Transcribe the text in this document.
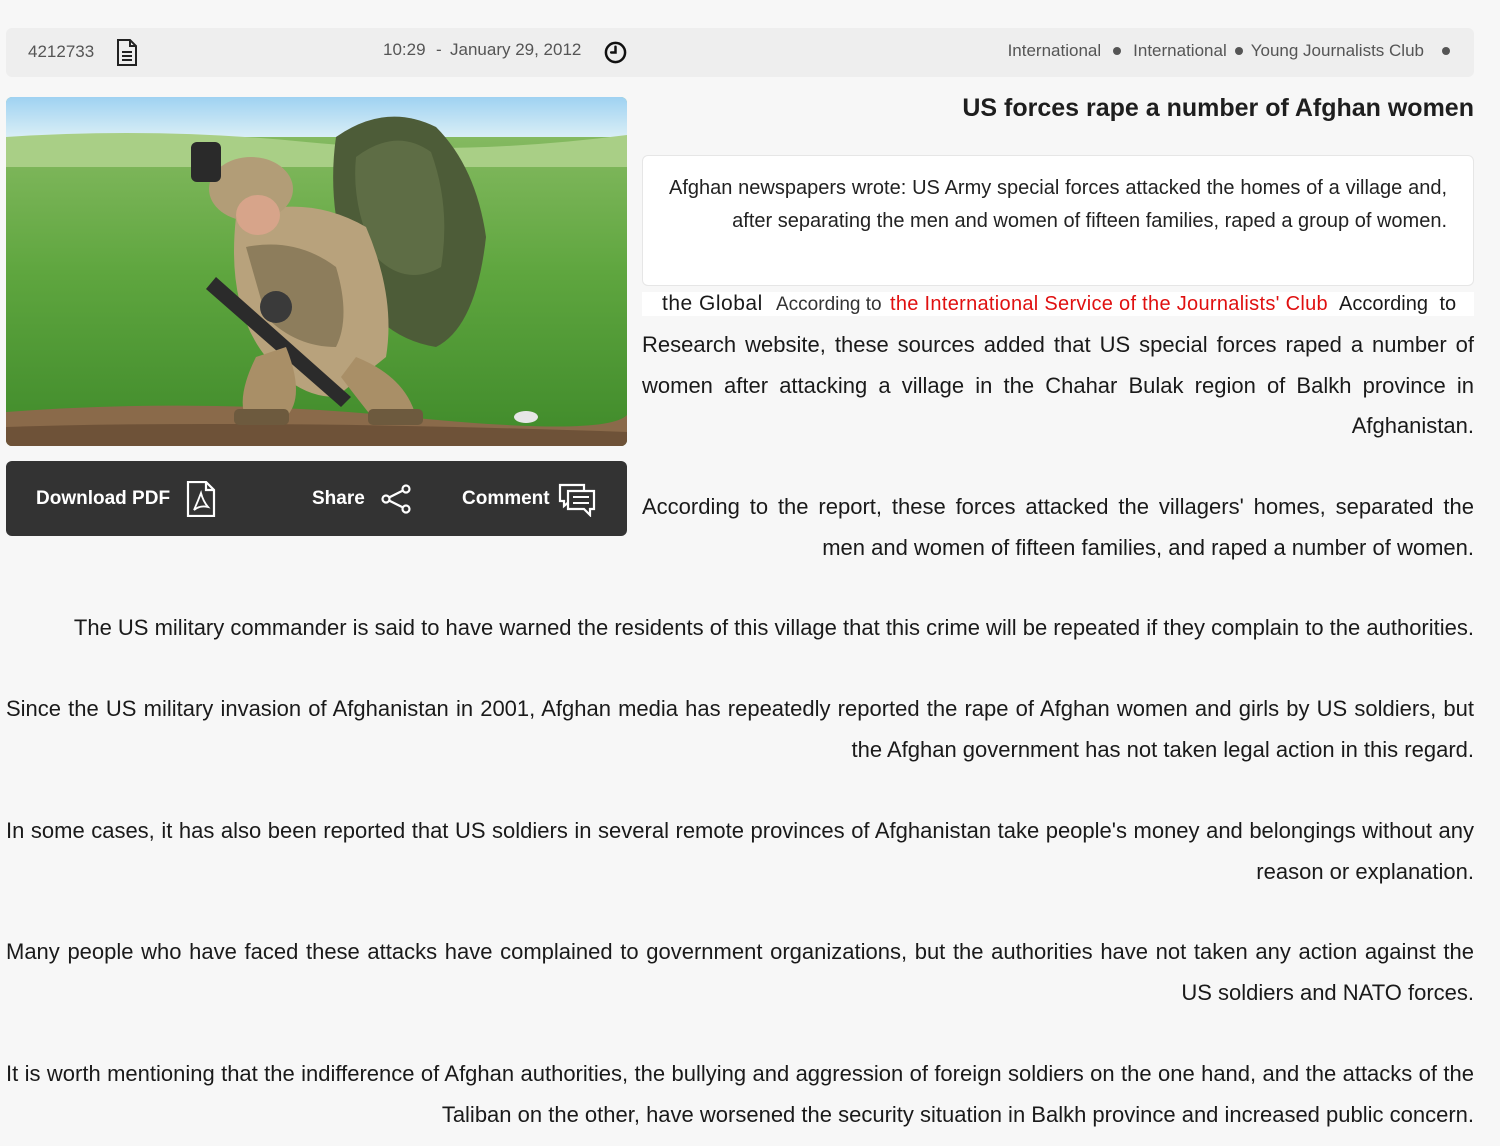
4212733	10:29 - January 29, 2012	International International Young Journalists Club
Download PDF	Share	Comment
US forces rape a number of Afghan women
Afghan newspapers wrote: US Army special forces attacked the homes of a village and, after separating the men and women of fifteen families, raped a group of women.
the Global According to the International Service of the Journalists' Club According to

Research website, these sources added that US special forces raped a number of women after attacking a village in the Chahar Bulak region of Balkh province in Afghanistan.

According to the report, these forces attacked the villagers' homes, separated the men and women of fifteen families, and raped a number of women.

The US military commander is said to have warned the residents of this village that this crime will be repeated if they complain to the authorities.

Since the US military invasion of Afghanistan in 2001, Afghan media has repeatedly reported the rape of Afghan women and girls by US soldiers, but the Afghan government has not taken legal action in this regard.

In some cases, it has also been reported that US soldiers in several remote provinces of Afghanistan take people's money and belongings without any reason or explanation.

Many people who have faced these attacks have complained to government organizations, but the authorities have not taken any action against the US soldiers and NATO forces.

It is worth mentioning that the indifference of Afghan authorities, the bullying and aggression of foreign soldiers on the one hand, and the attacks of the Taliban on the other, have worsened the security situation in Balkh province and increased public concern.
